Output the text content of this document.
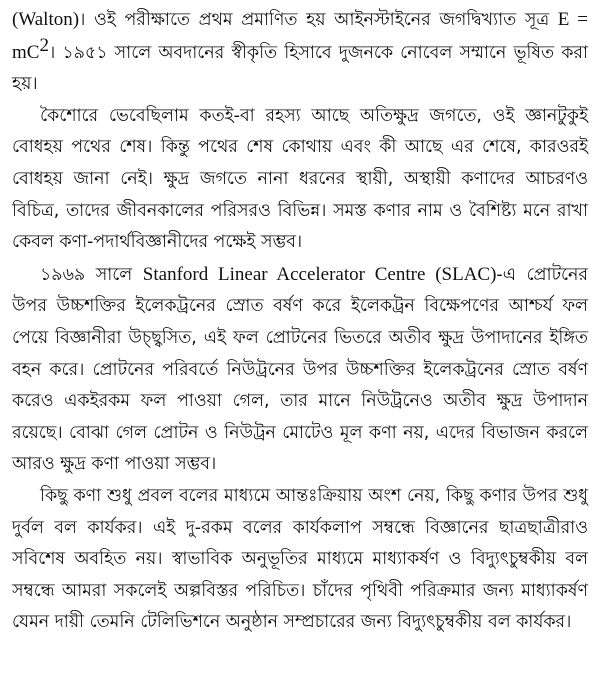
(Walton)। ওই পরীক্ষাতে প্রথম প্রমাণিত হয় আইনস্টাইনের জগদ্বিখ্যাত সূত্র $E = mC^2।$ ১৯৫১ সালে অবদানের স্বীকৃতি হিসাবে দুজনকে নোবেল সম্মানে ভূষিত করা হয়।

কৈশোরে ভেবেছিলাম কতই-বা রহস্য আছে অতিক্ষুদ্র জগতে, ওই জ্ঞানটুকুই বোধহয় পথের শেষ। কিন্তু পথের শেষ কোথায় এবং কী আছে এর শেষে, কারওরই বোধহয় জানা নেই। ক্ষুদ্র জগতে নানা ধরনের স্থায়ী, অস্থায়ী কণাদের আচরণও বিচিত্র, তাদের জীবনকালের পরিসরও বিভিন্ন। সমস্ত কণার নাম ও বৈশিষ্ট্য মনে রাখা কেবল কণা-পদার্থবিজ্ঞানীদের পক্ষেই সম্ভব।

১৯৬৯ সালে Stanford Linear Accelerator Centre (SLAC)-এ প্রোটনের উপর উচ্চশক্তির ইলেকট্রনের স্রোত বর্ষণ করে ইলেকট্রন বিক্ষেপণের আশ্চর্য ফল পেয়ে বিজ্ঞানীরা উচ্ছ্বসিত, এই ফল প্রোটনের ভিতরে অতীব ক্ষুদ্র উপাদানের ইঙ্গিত বহন করে। প্রোটনের পরিবর্তে নিউট্রনের উপর উচ্চশক্তির ইলেকট্রনের স্রোত বর্ষণ করেও একইরকম ফল পাওয়া গেল, তার মানে নিউট্রনেও অতীব ক্ষুদ্র উপাদান রয়েছে। বোঝা গেল প্রোটন ও নিউট্রন মোটেও মূল কণা নয়, এদের বিভাজন করলে আরও ক্ষুদ্র কণা পাওয়া সম্ভব।

কিছু কণা শুধু প্রবল বলের মাধ্যমে আন্তঃক্রিয়ায় অংশ নেয়, কিছু কণার উপর শুধু দুর্বল বল কার্যকর। এই দু-রকম বলের কার্যকলাপ সম্বন্ধে বিজ্ঞানের ছাত্রছাত্রীরাও সবিশেষ অবহিত নয়। স্বাভাবিক অনুভূতির মাধ্যমে মাধ্যাকর্ষণ ও বিদ্যুৎচুম্বকীয় বল সম্বন্ধে আমরা সকলেই অল্পবিস্তর পরিচিত। চাঁদের পৃথিবী পরিক্রমার জন্য মাধ্যাকর্ষণ যেমন দায়ী তেমনি টেলিভিশনে অনুষ্ঠান সম্প্রচারের জন্য বিদ্যুৎচুম্বকীয় বল কার্যকর।
